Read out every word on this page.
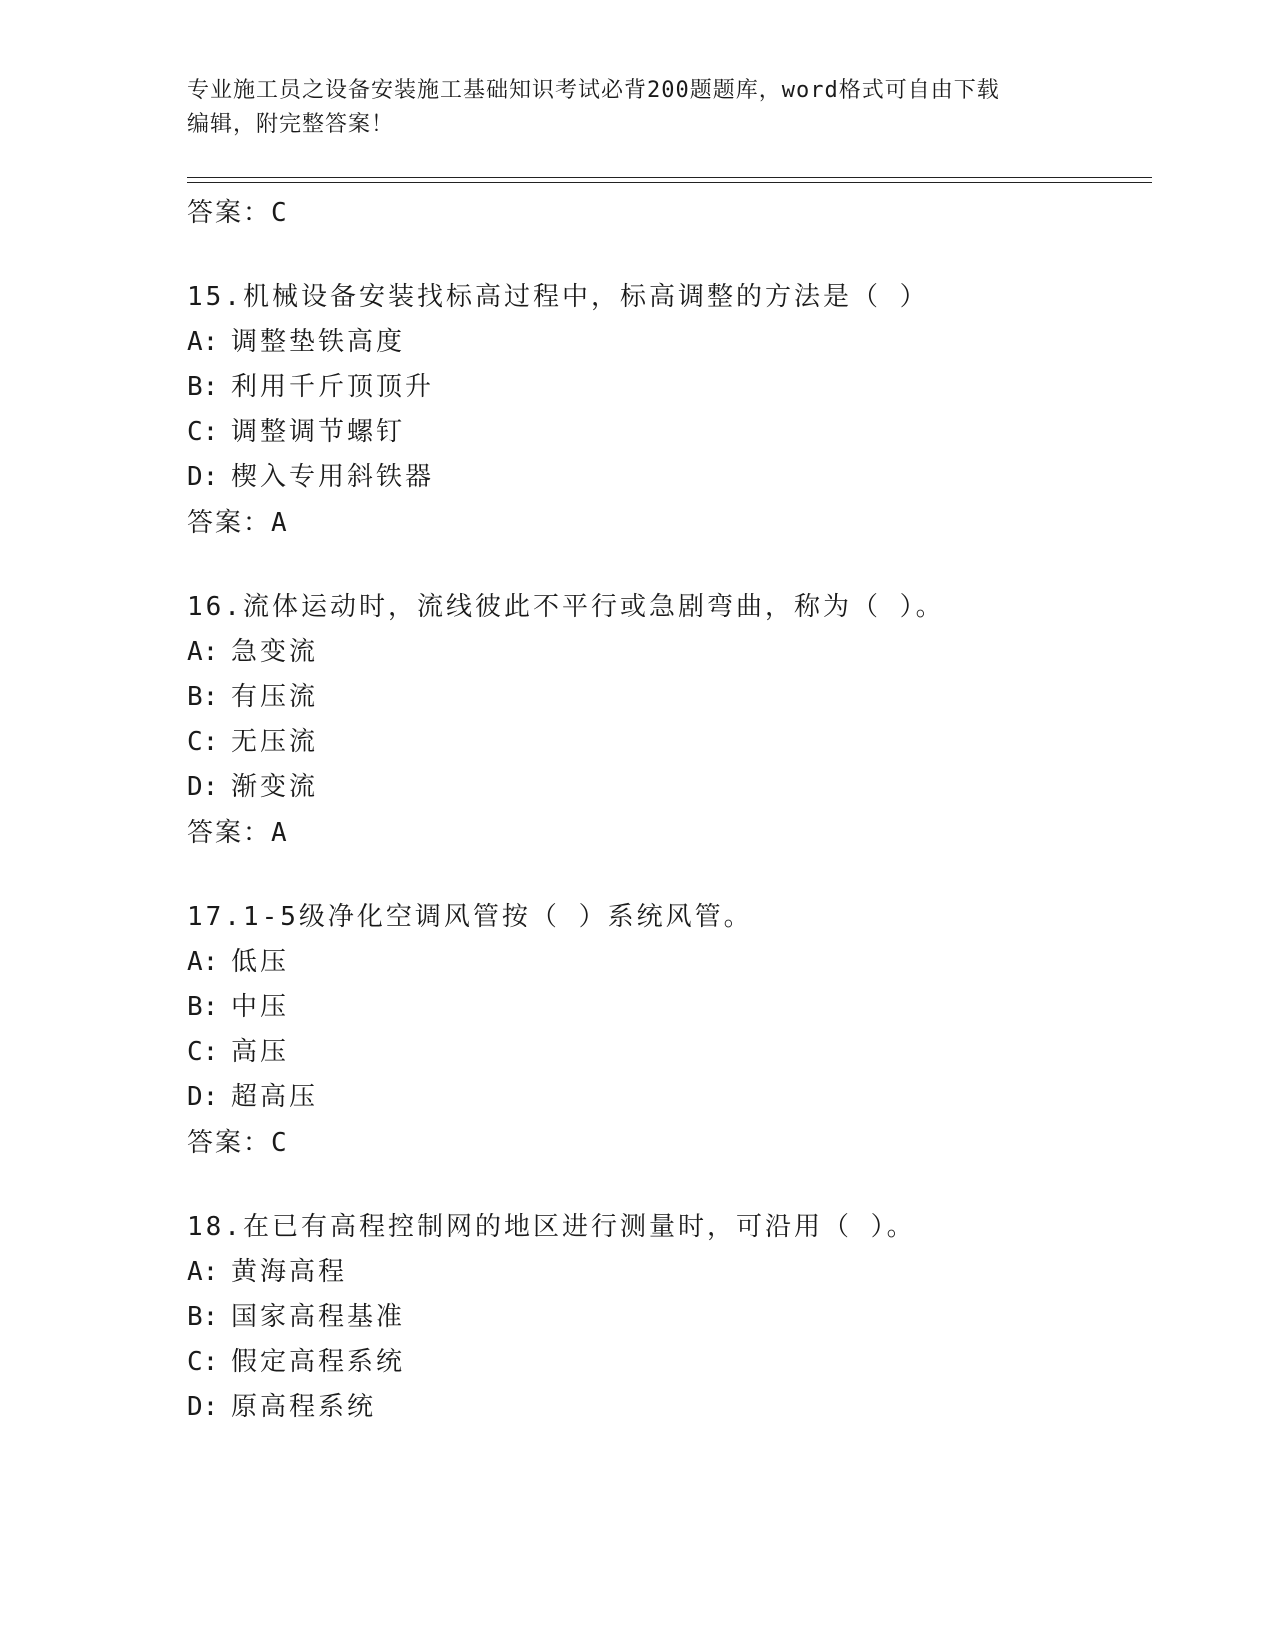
专业施工员之设备安装施工基础知识考试必背200题题库，word格式可自由下载
编辑，附完整答案！
答案：C
15.机械设备安装找标高过程中，标高调整的方法是（ ）
A: 调整垫铁高度
B: 利用千斤顶顶升
C: 调整调节螺钉
D: 楔入专用斜铁器
答案：A
16.流体运动时，流线彼此不平行或急剧弯曲，称为（ ）。
A: 急变流
B: 有压流
C: 无压流
D: 渐变流
答案：A
17.1-5级净化空调风管按（ ）系统风管。
A: 低压
B: 中压
C: 高压
D: 超高压
答案：C
18.在已有高程控制网的地区进行测量时，可沿用（ ）。
A: 黄海高程
B: 国家高程基准
C: 假定高程系统
D: 原高程系统
